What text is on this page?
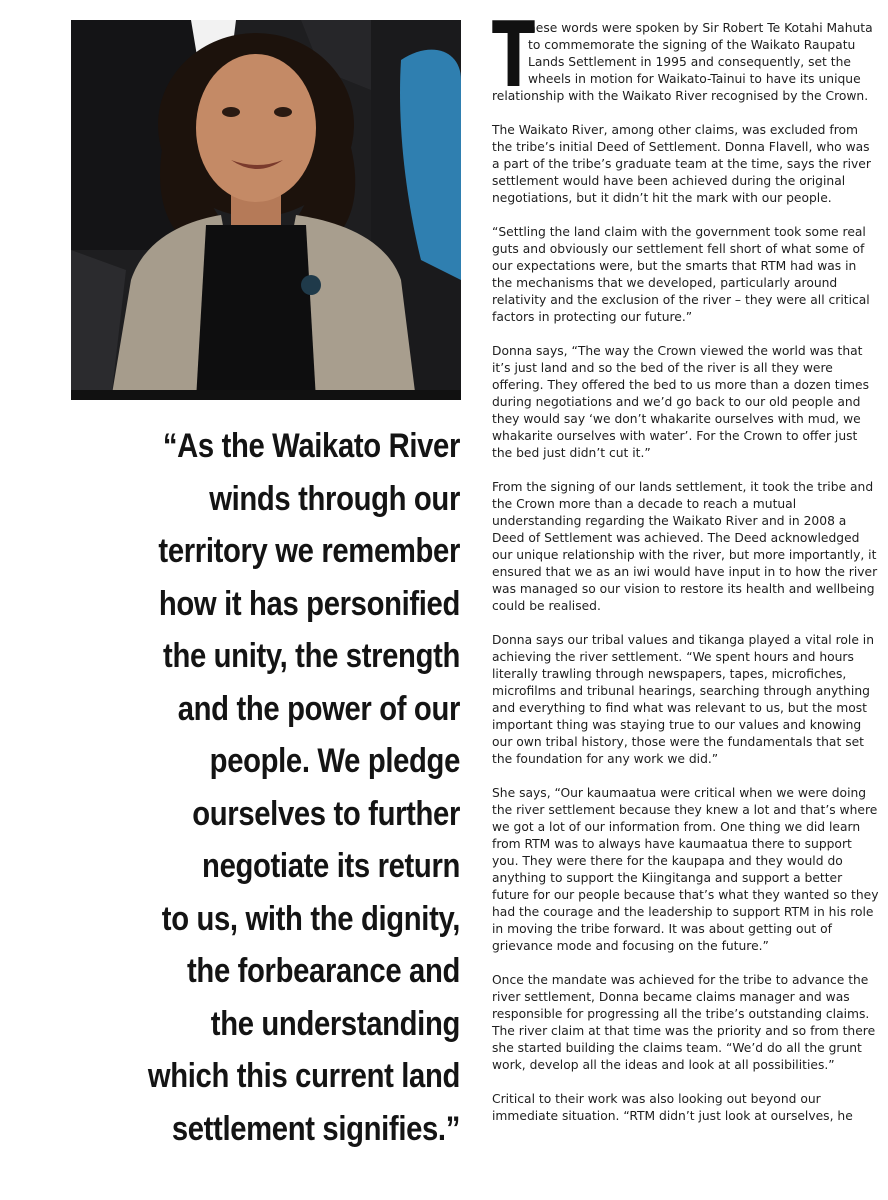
“As the Waikato River
winds through our
territory we remember
how it has personified
the unity, the strength
and the power of our
people. We pledge
ourselves to further
negotiate its return
to us, with the dignity,
the forbearance and
the understanding
which this current land
settlement signifies.”

T
hese words were spoken by Sir Robert Te Kotahi Mahuta to commemorate the signing of the Waikato Raupatu Lands Settlement in 1995 and consequently, set the wheels in motion for Waikato-Tainui to have its unique relationship with the Waikato River recognised by the Crown.

The Waikato River, among other claims, was excluded from the tribe’s initial Deed of Settlement. Donna Flavell, who was a part of the tribe’s graduate team at the time, says the river settlement would have been achieved during the original negotiations, but it didn’t hit the mark with our people.

“Settling the land claim with the government took some real guts and obviously our settlement fell short of what some of our expectations were, but the smarts that RTM had was in the mechanisms that we developed, particularly around relativity and the exclusion of the river – they were all critical factors in protecting our future.”

Donna says, “The way the Crown viewed the world was that it’s just land and so the bed of the river is all they were offering. They offered the bed to us more than a dozen times during negotiations and we’d go back to our old people and they would say ‘we don’t whakarite ourselves with mud, we whakarite ourselves with water’. For the Crown to offer just the bed just didn’t cut it.”

From the signing of our lands settlement, it took the tribe and the Crown more than a decade to reach a mutual understanding regarding the Waikato River and in 2008 a Deed of Settlement was achieved. The Deed acknowledged our unique relationship with the river, but more importantly, it ensured that we as an iwi would have input in to how the river was managed so our vision to restore its health and wellbeing could be realised.

Donna says our tribal values and tikanga played a vital role in achieving the river settlement. “We spent hours and hours literally trawling through newspapers, tapes, microfiches, microfilms and tribunal hearings, searching through anything and everything to find what was relevant to us, but the most important thing was staying true to our values and knowing our own tribal history, those were the fundamentals that set the foundation for any work we did.”

She says, “Our kaumaatua were critical when we were doing the river settlement because they knew a lot and that’s where we got a lot of our information from. One thing we did learn from RTM was to always have kaumaatua there to support you. They were there for the kaupapa and they would do anything to support the Kiingitanga and support a better future for our people because that’s what they wanted so they had the courage and the leadership to support RTM in his role in moving the tribe forward. It was about getting out of grievance mode and focusing on the future.”

Once the mandate was achieved for the tribe to advance the river settlement, Donna became claims manager and was responsible for progressing all the tribe’s outstanding claims. The river claim at that time was the priority and so from there she started building the claims team. “We’d do all the grunt work, develop all the ideas and look at all possibilities.”

Critical to their work was also looking out beyond our immediate situation. “RTM didn’t just look at ourselves, he
